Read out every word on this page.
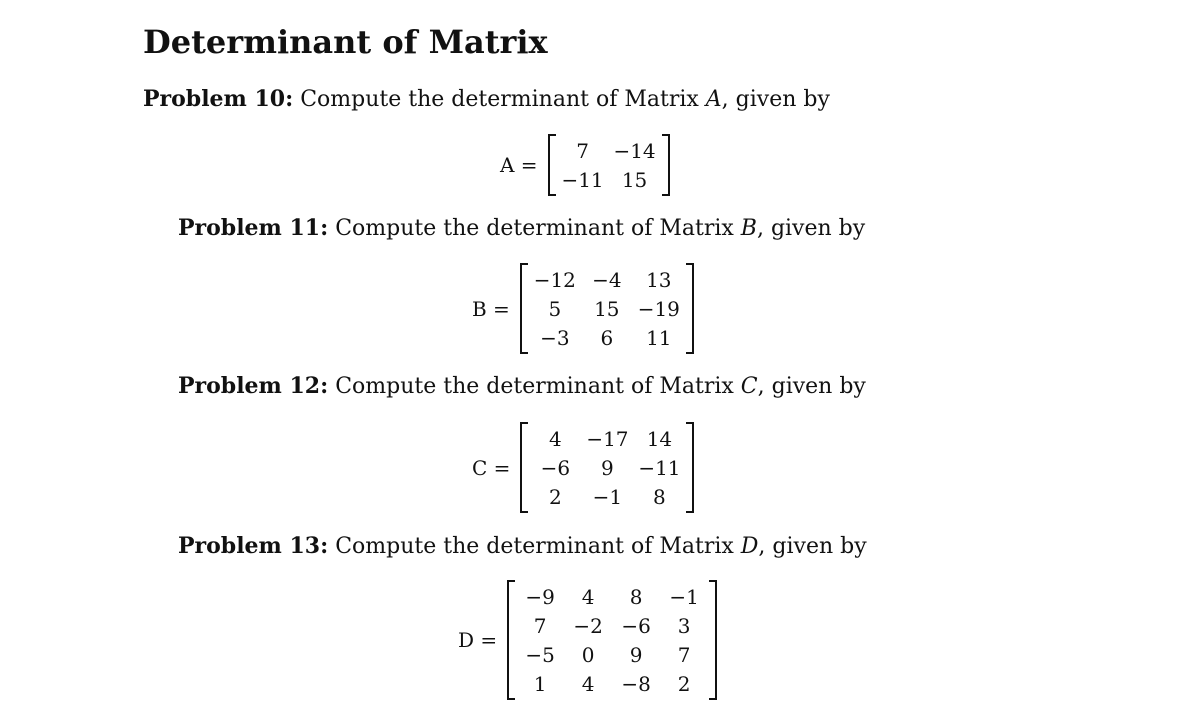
Determinant of Matrix
Problem 10: Compute the determinant of Matrix A, given by
A =
7	−14
−11	15
Problem 11: Compute the determinant of Matrix B, given by
B =
−12	−4	13
5	15	−19
−3	6	11
Problem 12: Compute the determinant of Matrix C, given by
C =
4	−17	14
−6	9	−11
2	−1	8
Problem 13: Compute the determinant of Matrix D, given by
D =
−9	4	8	−1
7	−2	−6	3
−5	0	9	7
1	4	−8	2
